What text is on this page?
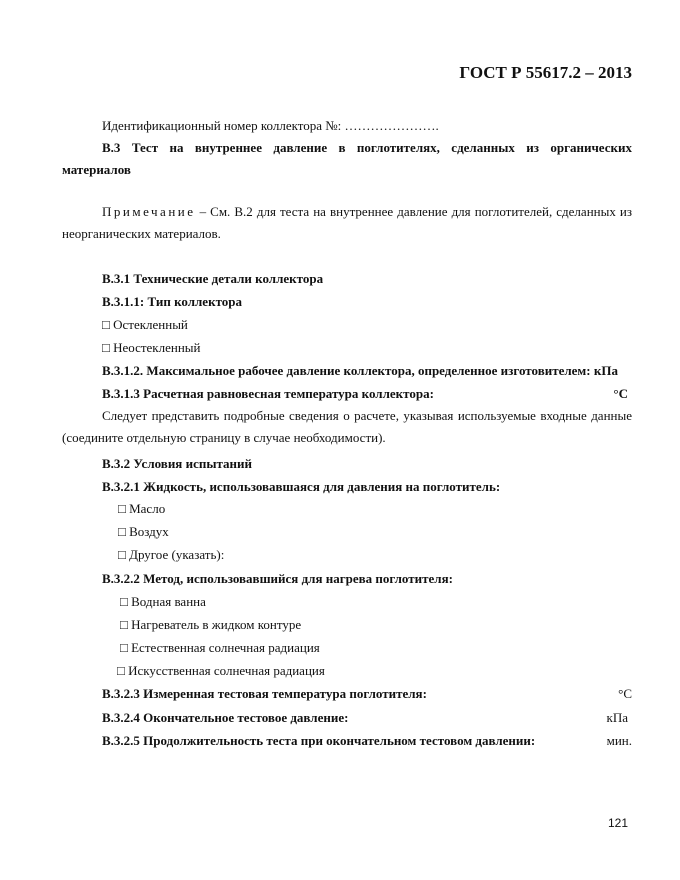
ГОСТ Р 55617.2 – 2013
Идентификационный номер коллектора №: ………………….
В.3 Тест на внутреннее давление в поглотителях, сделанных из органических материалов
Примечание – См. В.2 для теста на внутреннее давление для поглотителей, сделанных из неорганических материалов.
В.3.1 Технические детали коллектора
В.3.1.1: Тип коллектора
□ Остекленный
□ Неостекленный
В.3.1.2. Максимальное рабочее давление коллектора, определенное изготовителем: кПа
В.3.1.3 Расчетная равновесная температура коллектора:	°С
Следует представить подробные сведения о расчете, указывая используемые входные данные (соедините отдельную страницу в случае необходимости).
В.3.2 Условия испытаний
В.3.2.1 Жидкость, использовавшаяся для давления на поглотитель:
□ Масло
□ Воздух
□ Другое (указать):
В.3.2.2 Метод, использовавшийся для нагрева поглотителя:
□ Водная ванна
□ Нагреватель в жидком контуре
□ Естественная солнечная радиация
□ Искусственная солнечная радиация
В.3.2.3 Измеренная тестовая температура поглотителя:	°С
В.3.2.4 Окончательное тестовое давление:	кПа
В.3.2.5 Продолжительность теста при окончательном тестовом давлении:	мин.
121
